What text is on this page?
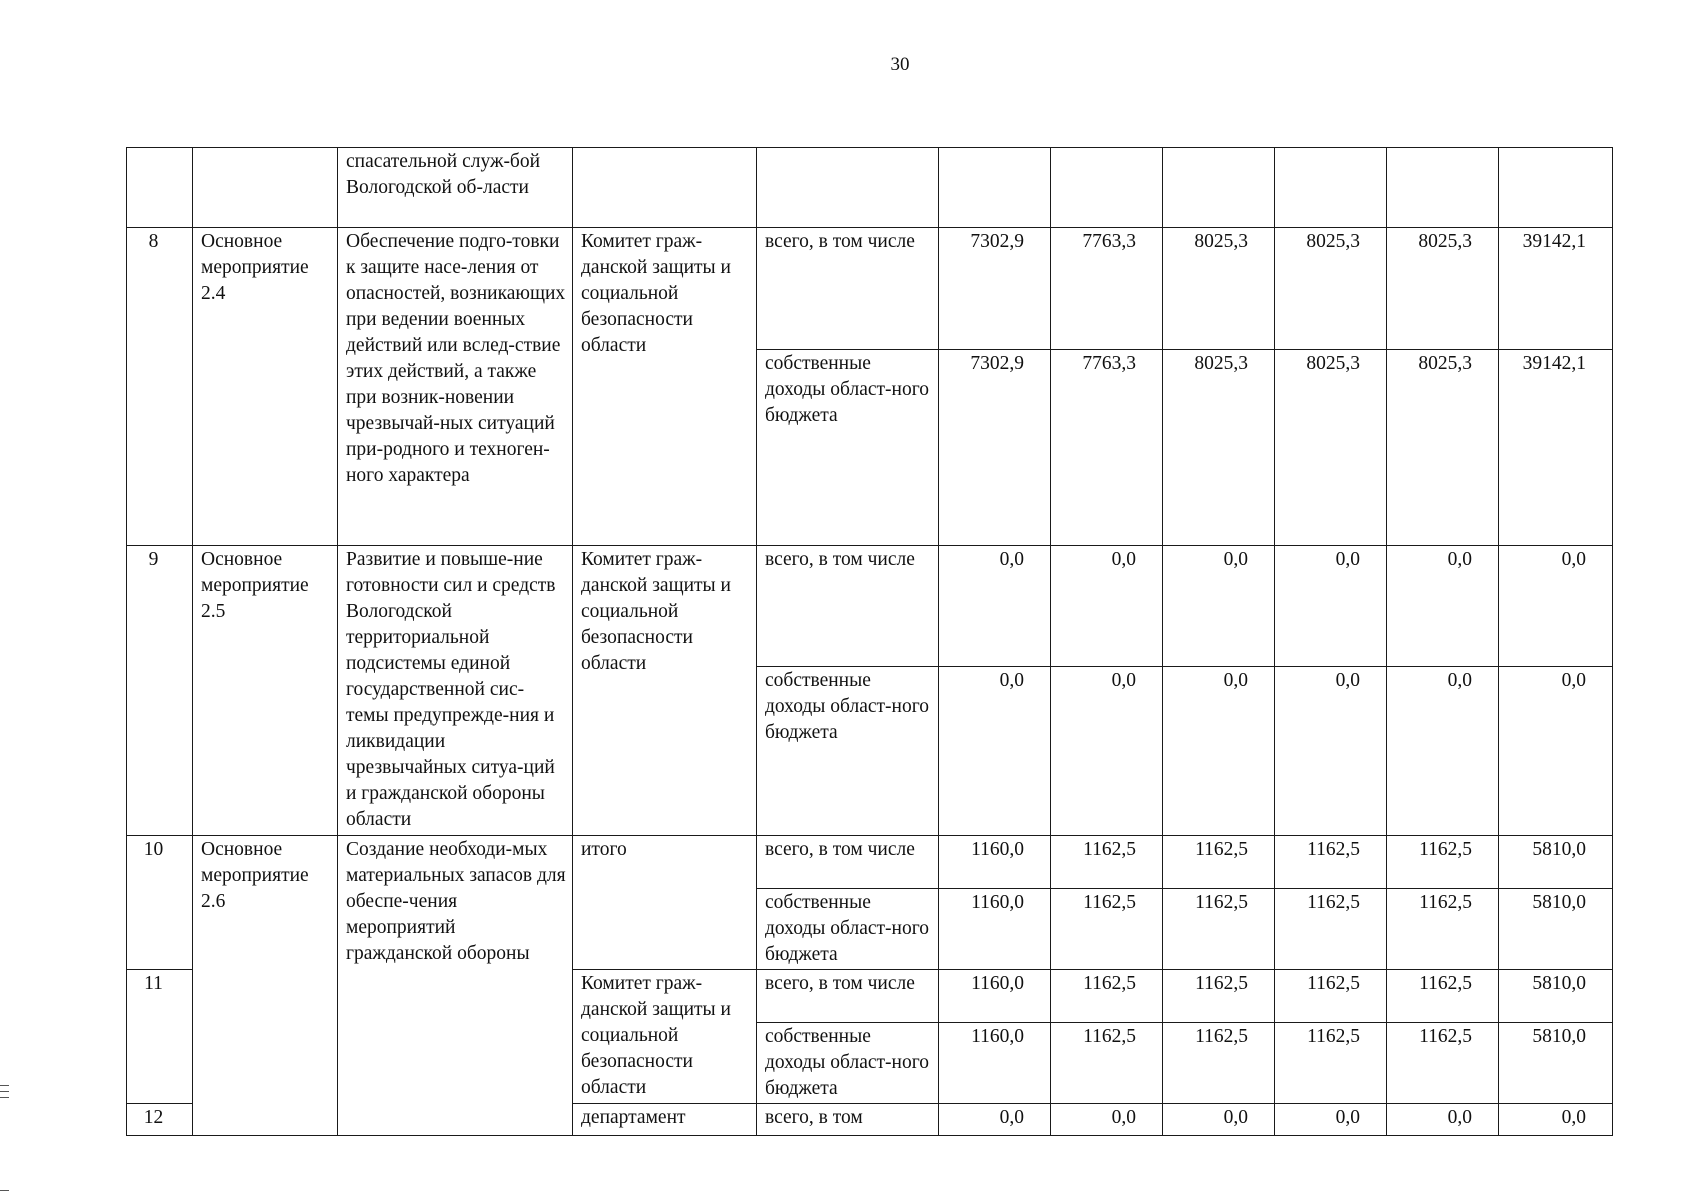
30
		спасательной служ-бой Вологодской об-ласти								
8	Основное мероприятие 2.4	Обеспечение подго-товки к защите насе-ления от опасностей, возникающих при ведении военных действий или вслед-ствие этих действий, а также при возник-новении чрезвычай-ных ситуаций при-родного и техноген-ного характера	Комитет граж-данской защиты и социальной безопасности области	всего, в том числе	7302,9	7763,3	8025,3	8025,3	8025,3	39142,1
				собственные доходы област-ного бюджета	7302,9	7763,3	8025,3	8025,3	8025,3	39142,1
9	Основное мероприятие 2.5	Развитие и повыше-ние готовности сил и средств Вологодской территориальной подсистемы единой государственной сис-темы предупрежде-ния и ликвидации чрезвычайных ситуа-ций и гражданской обороны области	Комитет граж-данской защиты и социальной безопасности области	всего, в том числе	0,0	0,0	0,0	0,0	0,0	0,0
				собственные доходы област-ного бюджета	0,0	0,0	0,0	0,0	0,0	0,0
10	Основное мероприятие 2.6	Создание необходи-мых материальных запасов для обеспе-чения мероприятий гражданской обороны	итого	всего, в том числе	1160,0	1162,5	1162,5	1162,5	1162,5	5810,0
				собственные доходы област-ного бюджета	1160,0	1162,5	1162,5	1162,5	1162,5	5810,0
11			Комитет граж-данской защиты и социальной безопасности области	всего, в том числе	1160,0	1162,5	1162,5	1162,5	1162,5	5810,0
				собственные доходы област-ного бюджета	1160,0	1162,5	1162,5	1162,5	1162,5	5810,0
12			департамент	всего, в том	0,0	0,0	0,0	0,0	0,0	0,0
